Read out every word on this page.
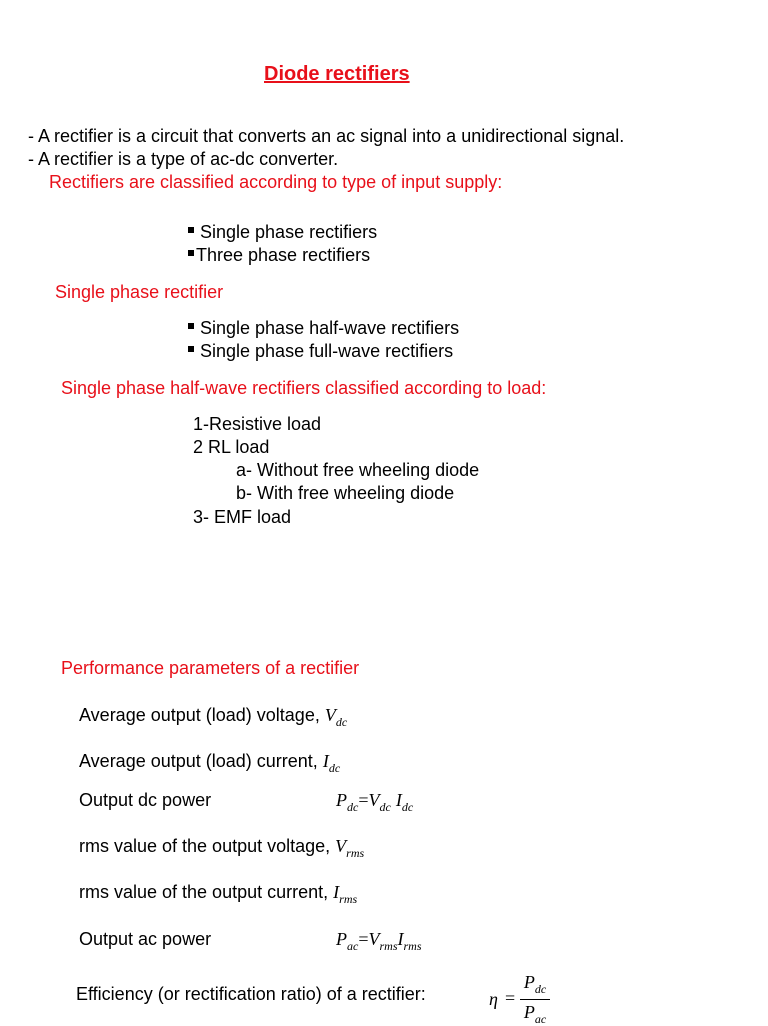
Diode rectifiers
- A rectifier is a circuit that converts an ac signal into a unidirectional signal.
- A rectifier is a type of ac-dc converter.
Rectifiers are classified according to type of input supply:
Single phase rectifiers
Three phase rectifiers
Single phase rectifier
Single phase half-wave rectifiers
Single phase full-wave rectifiers
Single phase half-wave rectifiers classified according to load:
1-Resistive load
2 RL load
a- Without free wheeling diode
b- With free wheeling diode
3- EMF load
Performance parameters of a rectifier
Average output (load) voltage, $V_{dc}$
Average output (load) current, $I_{dc}$
Output dc power	$P_{dc}=V_{dc}$ $I_{dc}$
rms value of the output voltage, $V_{rms}$
rms value of the output current, $I_{rms}$
Output ac power	$P_{ac}=V_{rms}I_{rms}$
Efficiency (or rectification ratio) of a rectifier:	η =
$P_{dc}$
$P_{ac}$
